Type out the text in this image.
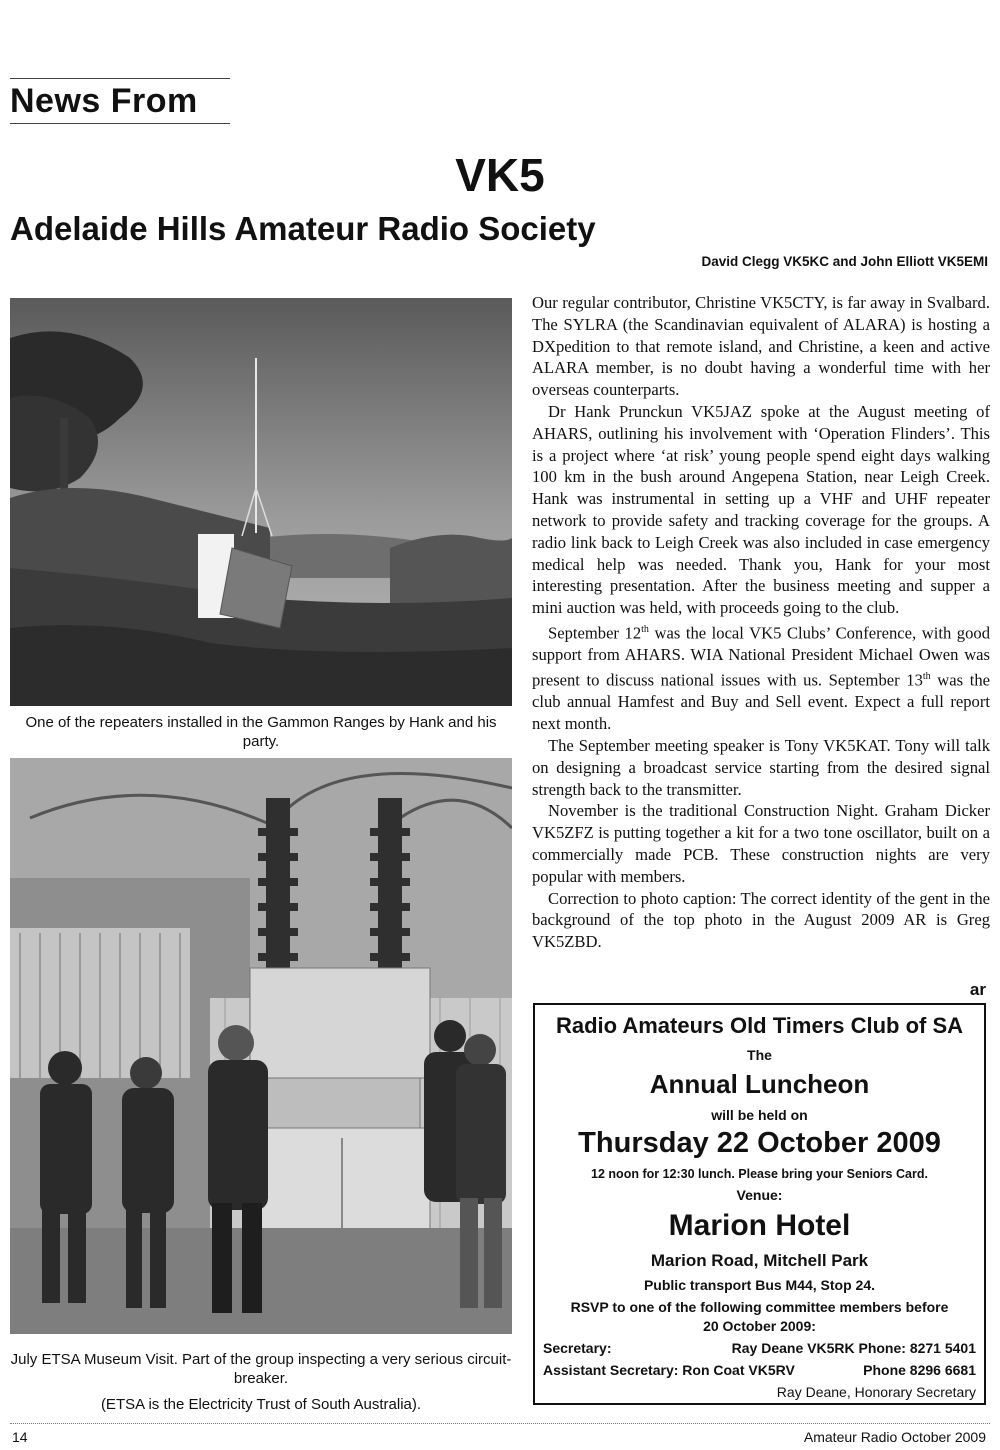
News From
VK5
Adelaide Hills Amateur Radio Society
David Clegg VK5KC and John Elliott VK5EMI
One of the repeaters installed in the Gammon Ranges by Hank and his party.
July ETSA Museum Visit. Part of the group inspecting a very serious circuit-breaker.
(ETSA is the Electricity Trust of South Australia).

Our regular contributor, Christine VK5CTY, is far away in Svalbard. The SYLRA (the Scandinavian equivalent of ALARA) is hosting a DXpedition to that remote island, and Christine, a keen and active ALARA member, is no doubt having a wonderful time with her overseas counterparts.

Dr Hank Prunckun VK5JAZ spoke at the August meeting of AHARS, outlining his involvement with ‘Operation Flinders’. This is a project where ‘at risk’ young people spend eight days walking 100 km in the bush around Angepena Station, near Leigh Creek. Hank was instrumental in setting up a VHF and UHF repeater network to provide safety and tracking coverage for the groups. A radio link back to Leigh Creek was also included in case emergency medical help was needed. Thank you, Hank for your most interesting presentation. After the business meeting and supper a mini auction was held, with proceeds going to the club.

September 12th was the local VK5 Clubs’ Conference, with good support from AHARS. WIA National President Michael Owen was present to discuss national issues with us. September 13th was the club annual Hamfest and Buy and Sell event. Expect a full report next month.

The September meeting speaker is Tony VK5KAT. Tony will talk on designing a broadcast service starting from the desired signal strength back to the transmitter.

November is the traditional Construction Night. Graham Dicker VK5ZFZ is putting together a kit for a two tone oscillator, built on a commercially made PCB. These construction nights are very popular with members.

Correction to photo caption: The correct identity of the gent in the background of the top photo in the August 2009 AR is Greg VK5ZBD.

ar
Radio Amateurs Old Timers Club of SA
The
Annual Luncheon
will be held on
Thursday 22 October 2009
12 noon for 12:30 lunch. Please bring your Seniors Card.
Venue:
Marion Hotel
Marion Road, Mitchell Park
Public transport Bus M44, Stop 24.
RSVP to one of the following committee members before
20 October 2009:
Secretary:	Ray Deane VK5RK Phone: 8271 5401
Assistant Secretary: Ron Coat VK5RV	Phone 8296 6681
Ray Deane, Honorary Secretary
14	Amateur Radio October 2009
